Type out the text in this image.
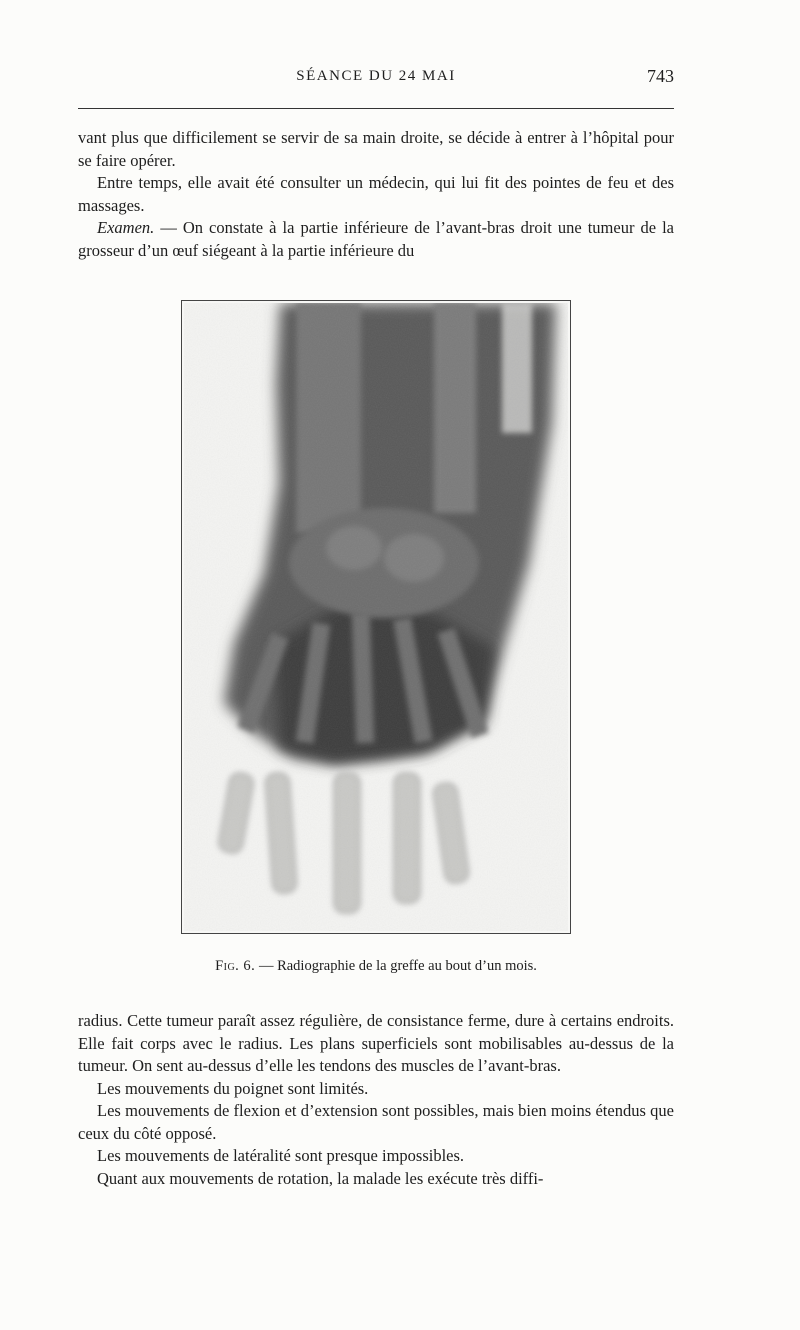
SÉANCE DU 24 MAI	743

vant plus que difficilement se servir de sa main droite, se décide à entrer à l’hôpital pour se faire opérer.

Entre temps, elle avait été consulter un médecin, qui lui fit des pointes de feu et des massages.

Examen. — On constate à la partie inférieure de l’avant-bras droit une tumeur de la grosseur d’un œuf siégeant à la partie inférieure du

Fig. 6. — Radiographie de la greffe au bout d’un mois.

radius. Cette tumeur paraît assez régulière, de consistance ferme, dure à certains endroits. Elle fait corps avec le radius. Les plans superficiels sont mobilisables au-dessus de la tumeur. On sent au-dessus d’elle les tendons des muscles de l’avant-bras.

Les mouvements du poignet sont limités.

Les mouvements de flexion et d’extension sont possibles, mais bien moins étendus que ceux du côté opposé.

Les mouvements de latéralité sont presque impossibles.

Quant aux mouvements de rotation, la malade les exécute très diffi-
